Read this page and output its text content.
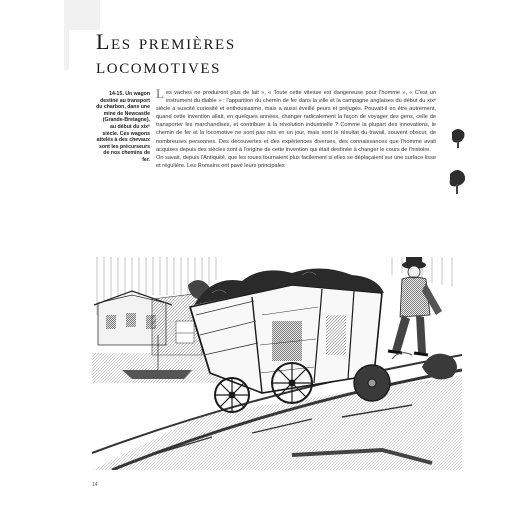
Les premières
locomotives
14-15. Un wagon destiné au transport du charbon, dans une mine de Newcastle (Grande-Bretagne), au début du xixᵉ siècle. Ces wagons attelés à des chevaux sont les précurseurs de nos chemins de fer.

Les vaches ne produiront plus de lait », « Toute cette vitesse est dangereuse pour l'homme », « C'est un instrument du diable » : l'apparition du chemin de fer dans la ville et la campagne anglaises du début du xixᵉ siècle a suscité curiosité et enthousiasme, mais a aussi éveillé peurs et préjugés. Pouvait-il en être autrement, quand cette invention allait, en quelques années, changer radicalement la façon de voyager des gens, celle de transporter les marchandises, et contribuer à la révolution industrielle ? Comme la plupart des innovations, le chemin de fer et la locomotive ne sont pas nés en un jour, mais sont le résultat du travail, souvent obscur, de nombreuses personnes. Des découvertes et des expériences diverses, des connaissances que l'homme avait acquises depuis des siècles sont à l'origine de cette invention qui était destinée à changer le cours de l'histoire.

On savait, depuis l'Antiquité, que les roues tournaient plus facilement si elles se déplaçaient sur une surface lisse et régulière. Les Romains ont pavé leurs principales

14
